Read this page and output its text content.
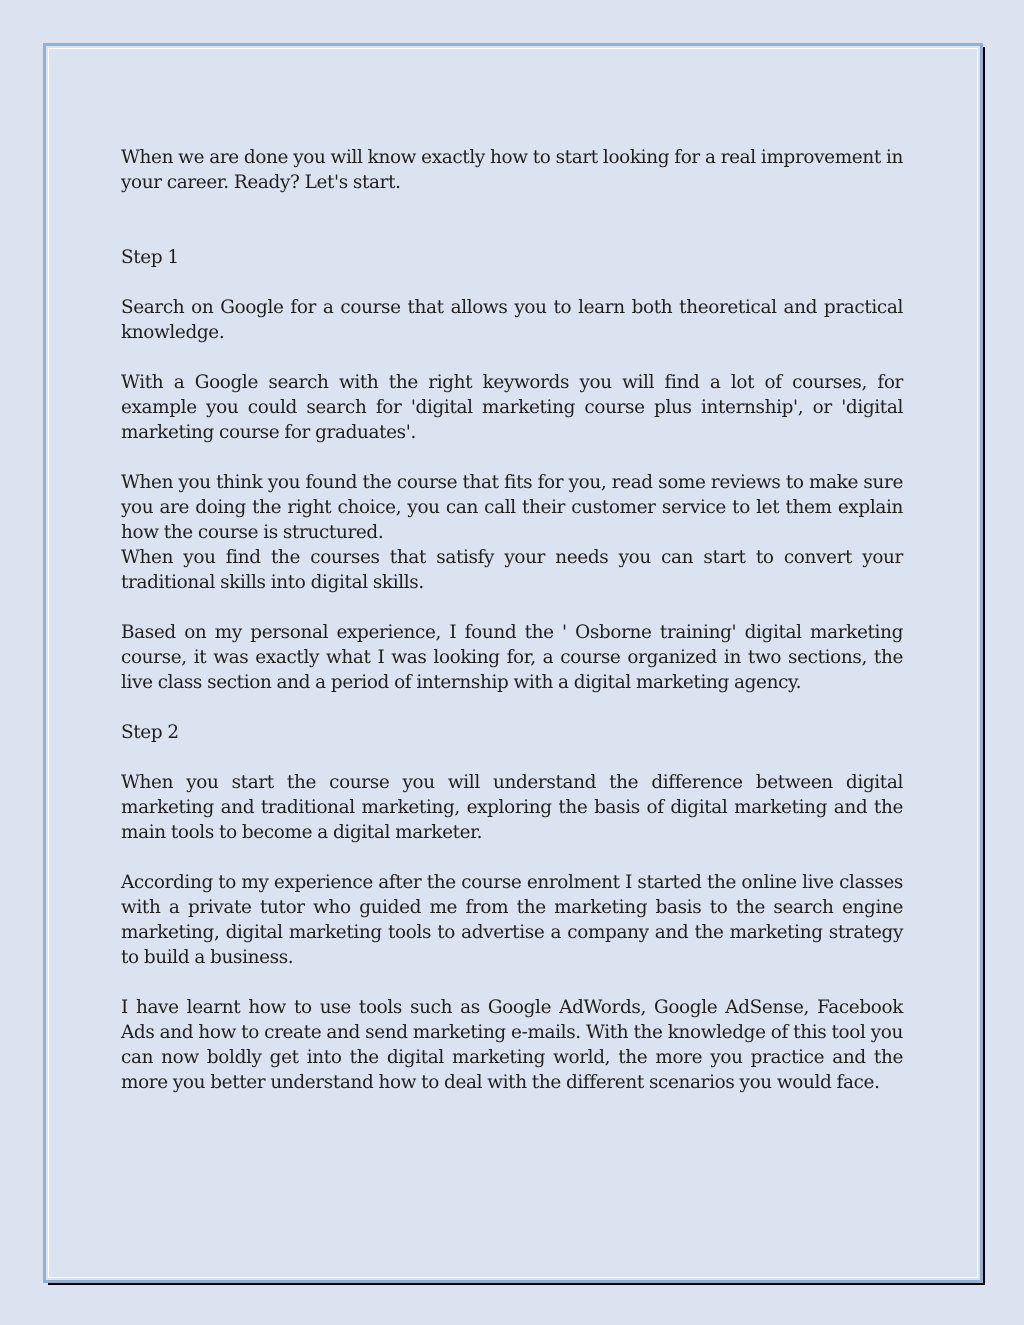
When we are done you will know exactly how to start looking for a real improvement in your career. Ready? Let's start.

Step 1

Search on Google for a course that allows you to learn both theoretical and practical knowledge.

With a Google search with the right keywords you will find a lot of courses, for example you could search for 'digital marketing course plus internship', or 'digital marketing course for graduates'.

When you think you found the course that fits for you, read some reviews to make sure you are doing the right choice, you can call their customer service to let them explain how the course is structured.

When you find the courses that satisfy your needs you can start to convert your traditional skills into digital skills.

Based on my personal experience, I found the ' Osborne training' digital marketing course, it was exactly what I was looking for, a course organized in two sections, the live class section and a period of internship with a digital marketing agency.

Step 2

When you start the course you will understand the difference between digital marketing and traditional marketing, exploring the basis of digital marketing and the main tools to become a digital marketer.

According to my experience after the course enrolment I started the online live classes with a private tutor who guided me from the marketing basis to the search engine marketing, digital marketing tools to advertise a company and the marketing strategy to build a business.

I have learnt how to use tools such as Google AdWords, Google AdSense, Facebook Ads and how to create and send marketing e-mails. With the knowledge of this tool you can now boldly get into the digital marketing world, the more you practice and the more you better understand how to deal with the different scenarios you would face.
